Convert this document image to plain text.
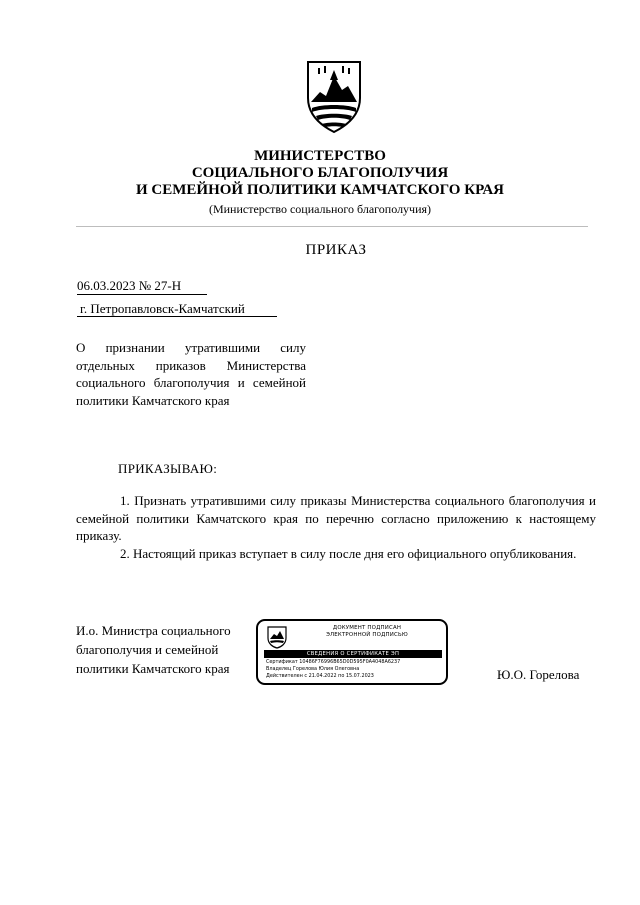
МИНИСТЕРСТВО
СОЦИАЛЬНОГО БЛАГОПОЛУЧИЯ
И СЕМЕЙНОЙ ПОЛИТИКИ КАМЧАТСКОГО КРАЯ
(Министерство социального благополучия)
ПРИКАЗ
06.03.2023 № 27-Н
г. Петропавловск-Камчатский
О признании утратившими силу отдельных приказов Министерства социального благополучия и семейной политики Камчатского края
ПРИКАЗЫВАЮ:

1. Признать утратившими силу приказы Министерства социального благополучия и семейной политики Камчатского края по перечню согласно приложению к настоящему приказу.

2. Настоящий приказ вступает в силу после дня его официального опубликования.

И.о. Министра социального
благополучия и семейной
политики Камчатского края
ДОКУМЕНТ ПОДПИСАН
ЭЛЕКТРОННОЙ ПОДПИСЬЮ
СВЕДЕНИЯ О СЕРТИФИКАТЕ ЭП
Сертификат 10486F76996B65D0D595F0A4048A6237
Владелец Горелова Юлия Олеговна
Действителен с 21.04.2022 по 15.07.2023	Ю.О. Горелова
